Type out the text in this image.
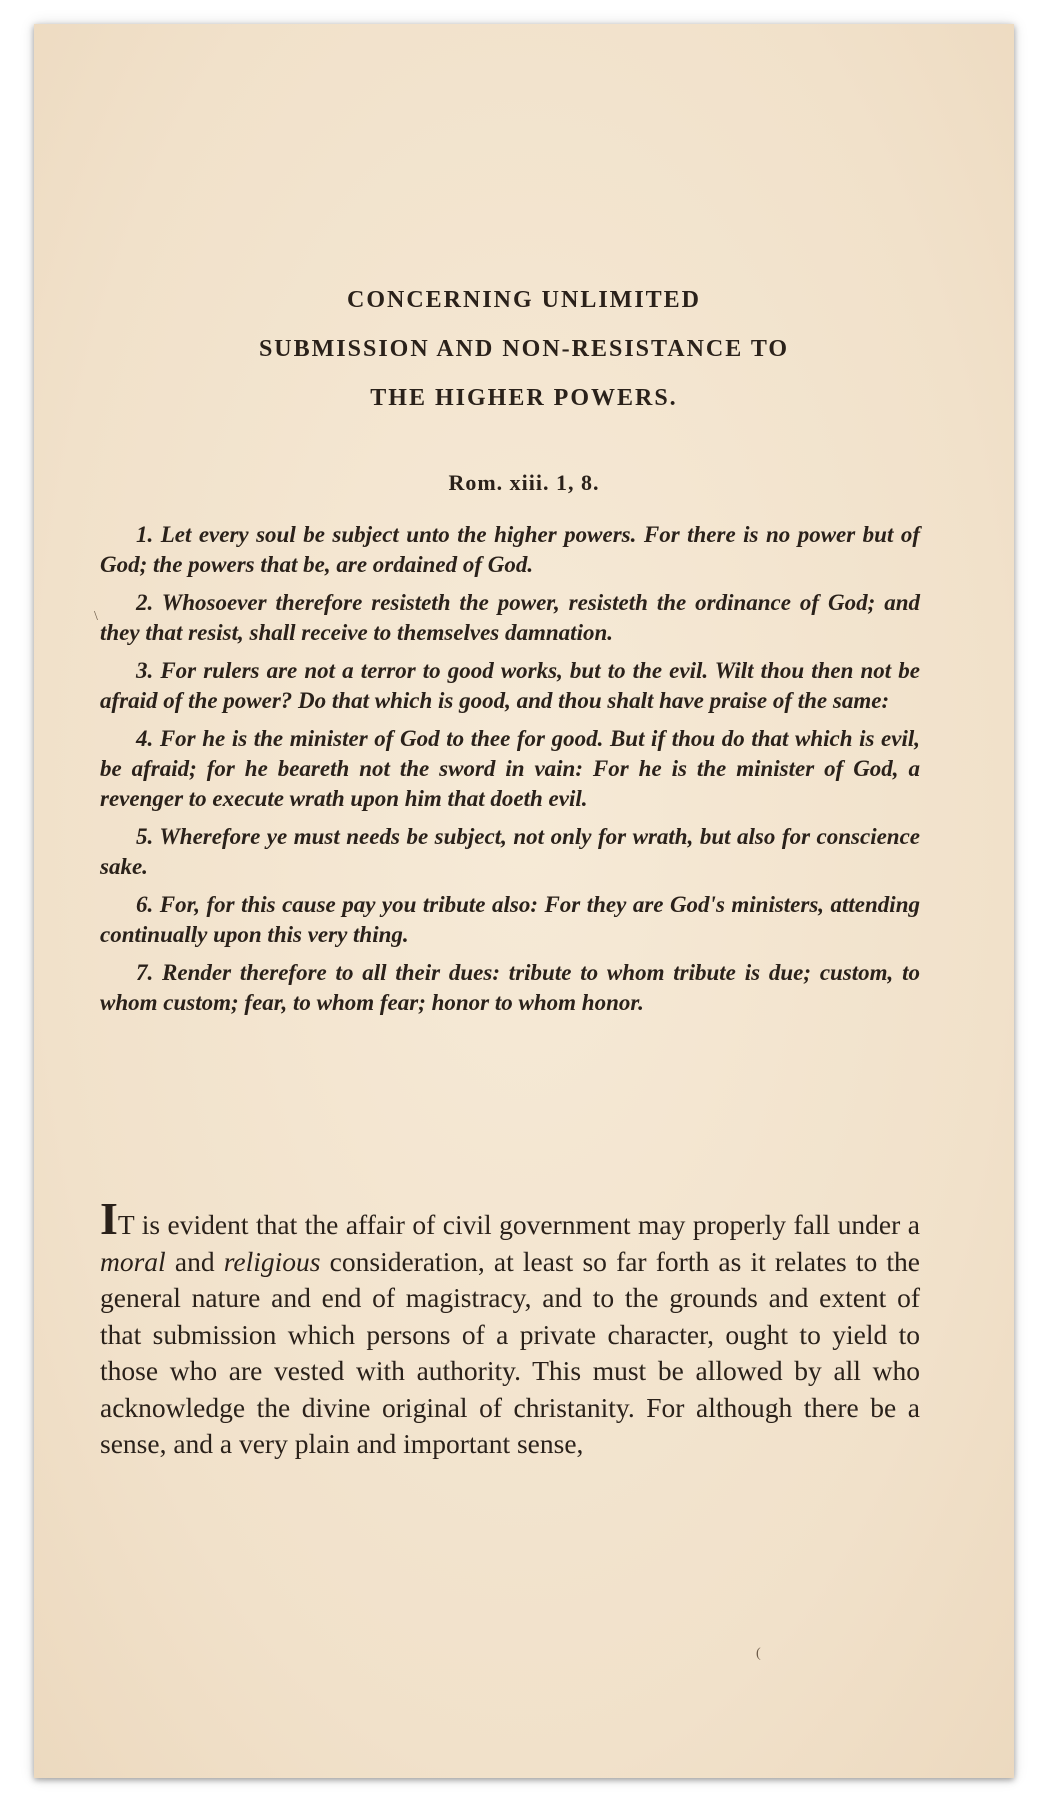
CONCERNING UNLIMITED
SUBMISSION AND NON-RESISTANCE TO
THE HIGHER POWERS.
Rom. xiii. 1, 8.

1. Let every soul be subject unto the higher powers. For there is no power but of God; the powers that be, are ordained of God.

2. Whosoever therefore resisteth the power, resisteth the ordinance of God; and they that resist, shall receive to themselves damnation.

3. For rulers are not a terror to good works, but to the evil. Wilt thou then not be afraid of the power? Do that which is good, and thou shalt have praise of the same:

4. For he is the minister of God to thee for good. But if thou do that which is evil, be afraid; for he beareth not the sword in vain: For he is the minister of God, a revenger to execute wrath upon him that doeth evil.

5. Wherefore ye must needs be subject, not only for wrath, but also for conscience sake.

6. For, for this cause pay you tribute also: For they are God's ministers, attending continually upon this very thing.

7. Render therefore to all their dues: tribute to whom tribute is due; custom, to whom custom; fear, to whom fear; honor to whom honor.

IT is evident that the affair of civil government may properly fall under a moral and religious consideration, at least so far forth as it relates to the general nature and end of magistracy, and to the grounds and extent of that submission which persons of a private character, ought to yield to those who are vested with authority. This must be allowed by all who acknowledge the divine original of christanity. For although there be a sense, and a very plain and important sense,
\
(
